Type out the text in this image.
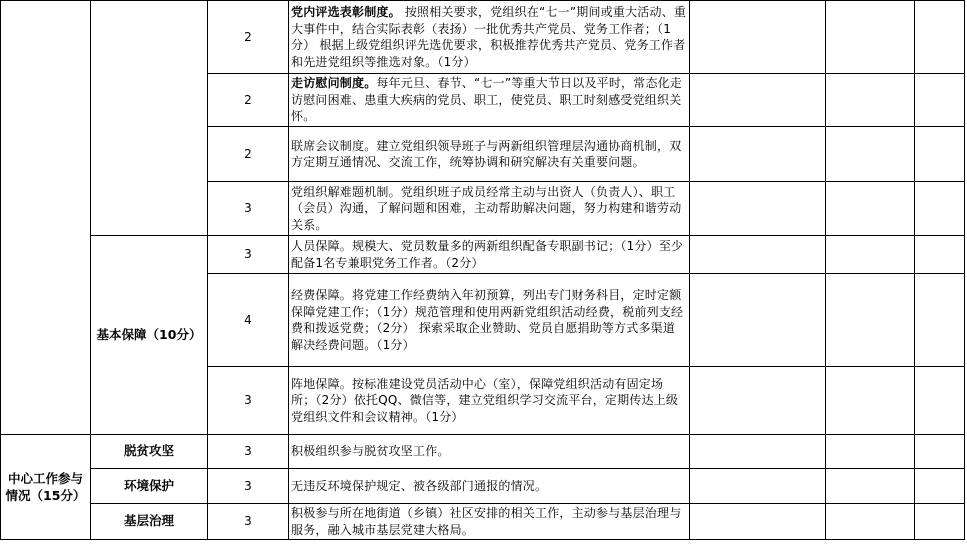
		2	党内评选表彰制度。 按照相关要求，党组织在“七一”期间或重大活动、重大事件中，结合实际表彰（表扬）一批优秀共产党员、党务工作者；（1分） 根据上级党组织评先选优要求，积极推荐优秀共产党员、党务工作者和先进党组织等推选对象。（1分）			
		2	走访慰问制度。每年元旦、春节、“七一”等重大节日以及平时，常态化走访慰问困难、患重大疾病的党员、职工，使党员、职工时刻感受党组织关怀。			
		2	联席会议制度。建立党组织领导班子与两新组织管理层沟通协商机制，双方定期互通情况、交流工作，统筹协调和研究解决有关重要问题。			
		3	党组织解难题机制。党组织班子成员经常主动与出资人（负责人）、职工（会员）沟通，了解问题和困难，主动帮助解决问题，努力构建和谐劳动关系。			
	基本保障（10分）	3	人员保障。规模大、党员数量多的两新组织配备专职副书记；（1分）至少配备1名专兼职党务工作者。（2分）			
		4	经费保障。将党建工作经费纳入年初预算，列出专门财务科目，定时定额保障党建工作；（1分）规范管理和使用两新党组织活动经费，税前列支经费和拨返党费；（2分） 探索采取企业赞助、党员自愿捐助等方式多渠道解决经费问题。（1分）			
		3	阵地保障。按标准建设党员活动中心（室），保障党组织活动有固定场所；（2分）依托QQ、微信等，建立党组织学习交流平台，定期传达上级党组织文件和会议精神。（1分）			
中心工作参与情况（15分）	脱贫攻坚	3	积极组织参与脱贫攻坚工作。			
	环境保护	3	无违反环境保护规定、被各级部门通报的情况。			
	基层治理	3	积极参与所在地街道（乡镇）社区安排的相关工作，主动参与基层治理与服务，融入城市基层党建大格局。			
